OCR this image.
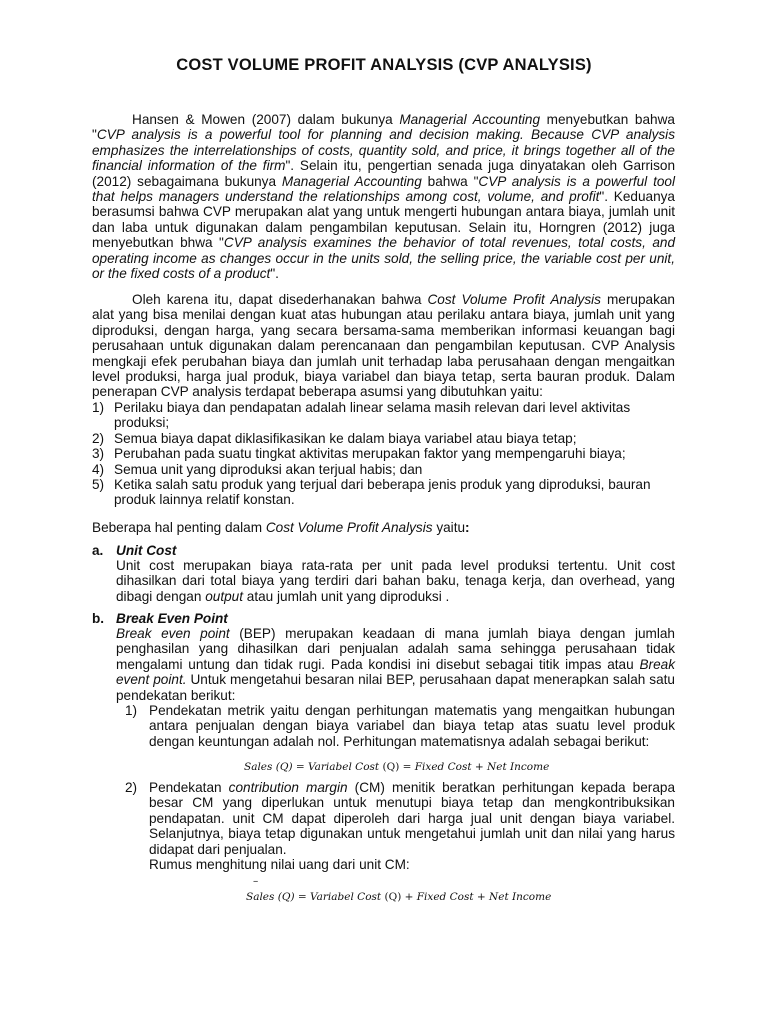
COST VOLUME PROFIT ANALYSIS (CVP ANALYSIS)

Hansen & Mowen (2007) dalam bukunya Managerial Accounting menyebutkan bahwa "CVP analysis is a powerful tool for planning and decision making. Because CVP analysis emphasizes the interrelationships of costs, quantity sold, and price, it brings together all of the financial information of the firm". Selain itu, pengertian senada juga dinyatakan oleh Garrison (2012) sebagaimana bukunya Managerial Accounting bahwa "CVP analysis is a powerful tool that helps managers understand the relationships among cost, volume, and profit". Keduanya berasumsi bahwa CVP merupakan alat yang untuk mengerti hubungan antara biaya, jumlah unit dan laba untuk digunakan dalam pengambilan keputusan. Selain itu, Horngren (2012) juga menyebutkan bhwa "CVP analysis examines the behavior of total revenues, total costs, and operating income as changes occur in the units sold, the selling price, the variable cost per unit, or the fixed costs of a product".

Oleh karena itu, dapat disederhanakan bahwa Cost Volume Profit Analysis merupakan alat yang bisa menilai dengan kuat atas hubungan atau perilaku antara biaya, jumlah unit yang diproduksi, dengan harga, yang secara bersama-sama memberikan informasi keuangan bagi perusahaan untuk digunakan dalam perencanaan dan pengambilan keputusan. CVP Analysis mengkaji efek perubahan biaya dan jumlah unit terhadap laba perusahaan dengan mengaitkan level produksi, harga jual produk, biaya variabel dan biaya tetap, serta bauran produk. Dalam penerapan CVP analysis terdapat beberapa asumsi yang dibutuhkan yaitu:

1) Perilaku biaya dan pendapatan adalah linear selama masih relevan dari level aktivitas produksi;
2) Semua biaya dapat diklasifikasikan ke dalam biaya variabel atau biaya tetap;
3) Perubahan pada suatu tingkat aktivitas merupakan faktor yang mempengaruhi biaya;
4) Semua unit yang diproduksi akan terjual habis; dan
5) Ketika salah satu produk yang terjual dari beberapa jenis produk yang diproduksi, bauran produk lainnya relatif konstan.

Beberapa hal penting dalam Cost Volume Profit Analysis yaitu:

a. Unit Cost

Unit cost merupakan biaya rata-rata per unit pada level produksi tertentu. Unit cost dihasilkan dari total biaya yang terdiri dari bahan baku, tenaga kerja, dan overhead, yang dibagi dengan output atau jumlah unit yang diproduksi .

b. Break Even Point

Break even point (BEP) merupakan keadaan di mana jumlah biaya dengan jumlah penghasilan yang dihasilkan dari penjualan adalah sama sehingga perusahaan tidak mengalami untung dan tidak rugi. Pada kondisi ini disebut sebagai titik impas atau Break event point. Untuk mengetahui besaran nilai BEP, perusahaan dapat menerapkan salah satu pendekatan berikut:

1) Pendekatan metrik yaitu dengan perhitungan matematis yang mengaitkan hubungan antara penjualan dengan biaya variabel dan biaya tetap atas suatu level produk dengan keuntungan adalah nol. Perhitungan matematisnya adalah sebagai berikut:
Sales (Q) = Variabel Cost (Q) = Fixed Cost + Net Income
2) Pendekatan contribution margin (CM) menitik beratkan perhitungan kepada berapa besar CM yang diperlukan untuk menutupi biaya tetap dan mengkontribuksikan pendapatan. unit CM dapat diperoleh dari harga jual unit dengan biaya variabel. Selanjutnya, biaya tetap digunakan untuk mengetahui jumlah unit dan nilai yang harus didapat dari penjualan.
Rumus menghitung nilai uang dari unit CM:
–
Sales (Q) = Variabel Cost (Q) + Fixed Cost + Net Income
